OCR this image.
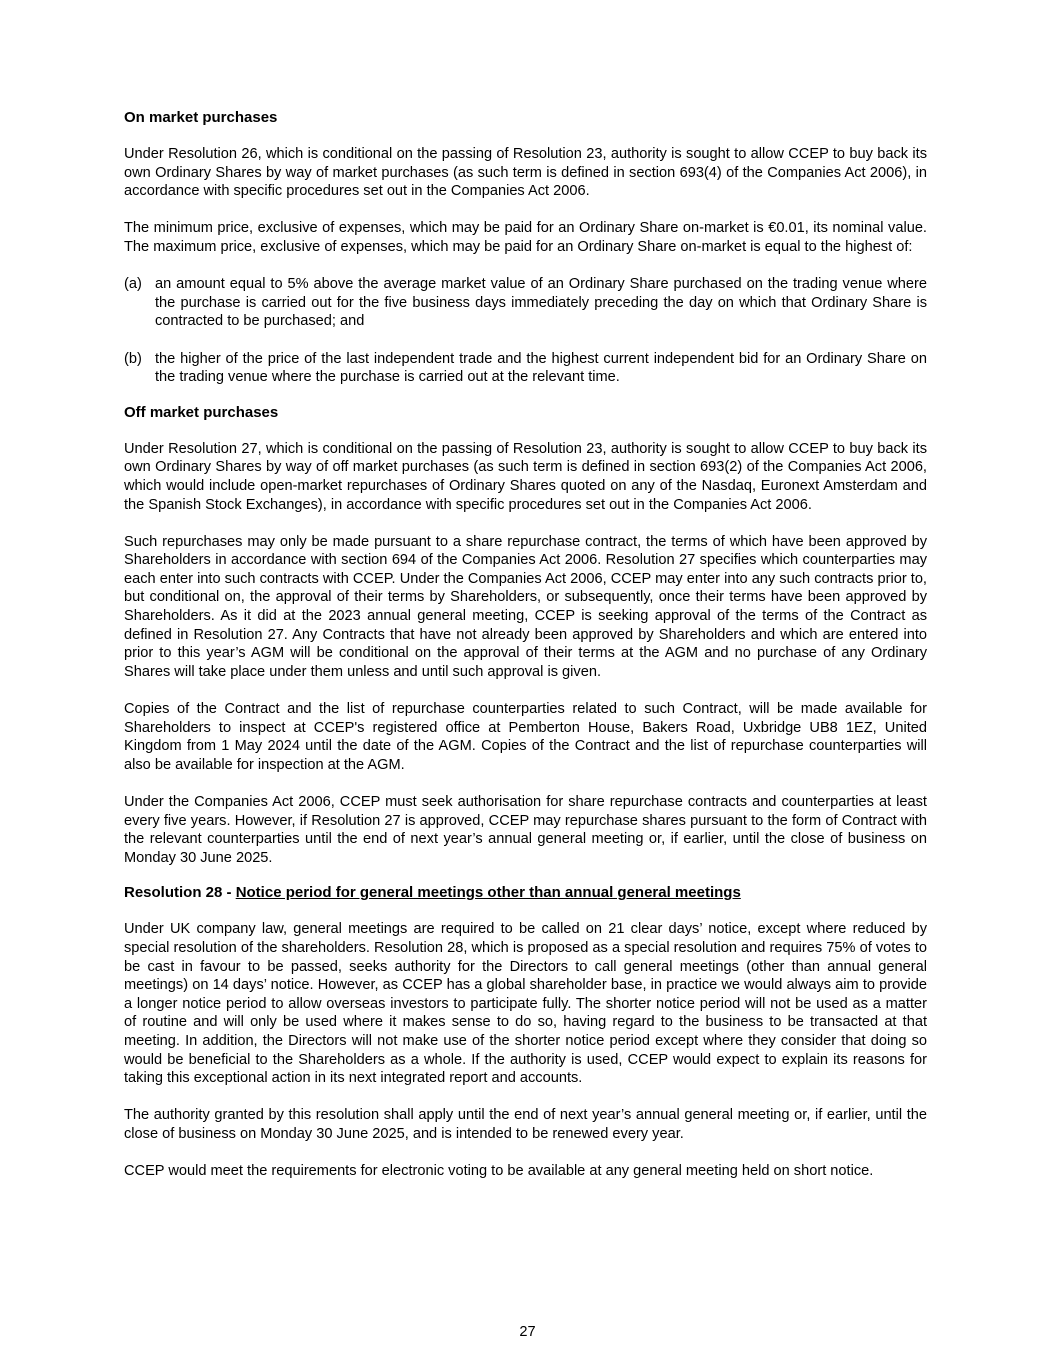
On market purchases

Under Resolution 26, which is conditional on the passing of Resolution 23, authority is sought to allow CCEP to buy back its own Ordinary Shares by way of market purchases (as such term is defined in section 693(4) of the Companies Act 2006), in accordance with specific procedures set out in the Companies Act 2006.

The minimum price, exclusive of expenses, which may be paid for an Ordinary Share on-market is €0.01, its nominal value. The maximum price, exclusive of expenses, which may be paid for an Ordinary Share on-market is equal to the highest of:

(a) an amount equal to 5% above the average market value of an Ordinary Share purchased on the trading venue where the purchase is carried out for the five business days immediately preceding the day on which that Ordinary Share is contracted to be purchased; and
(b) the higher of the price of the last independent trade and the highest current independent bid for an Ordinary Share on the trading venue where the purchase is carried out at the relevant time.
Off market purchases

Under Resolution 27, which is conditional on the passing of Resolution 23, authority is sought to allow CCEP to buy back its own Ordinary Shares by way of off market purchases (as such term is defined in section 693(2) of the Companies Act 2006, which would include open-market repurchases of Ordinary Shares quoted on any of the Nasdaq, Euronext Amsterdam and the Spanish Stock Exchanges), in accordance with specific procedures set out in the Companies Act 2006.

Such repurchases may only be made pursuant to a share repurchase contract, the terms of which have been approved by Shareholders in accordance with section 694 of the Companies Act 2006. Resolution 27 specifies which counterparties may each enter into such contracts with CCEP. Under the Companies Act 2006, CCEP may enter into any such contracts prior to, but conditional on, the approval of their terms by Shareholders, or subsequently, once their terms have been approved by Shareholders. As it did at the 2023 annual general meeting, CCEP is seeking approval of the terms of the Contract as defined in Resolution 27. Any Contracts that have not already been approved by Shareholders and which are entered into prior to this year’s AGM will be conditional on the approval of their terms at the AGM and no purchase of any Ordinary Shares will take place under them unless and until such approval is given.

Copies of the Contract and the list of repurchase counterparties related to such Contract, will be made available for Shareholders to inspect at CCEP's registered office at Pemberton House, Bakers Road, Uxbridge UB8 1EZ, United Kingdom from 1 May 2024 until the date of the AGM. Copies of the Contract and the list of repurchase counterparties will also be available for inspection at the AGM.

Under the Companies Act 2006, CCEP must seek authorisation for share repurchase contracts and counterparties at least every five years. However, if Resolution 27 is approved, CCEP may repurchase shares pursuant to the form of Contract with the relevant counterparties until the end of next year’s annual general meeting or, if earlier, until the close of business on Monday 30 June 2025.

Resolution 28 - Notice period for general meetings other than annual general meetings

Under UK company law, general meetings are required to be called on 21 clear days’ notice, except where reduced by special resolution of the shareholders. Resolution 28, which is proposed as a special resolution and requires 75% of votes to be cast in favour to be passed, seeks authority for the Directors to call general meetings (other than annual general meetings) on 14 days’ notice. However, as CCEP has a global shareholder base, in practice we would always aim to provide a longer notice period to allow overseas investors to participate fully. The shorter notice period will not be used as a matter of routine and will only be used where it makes sense to do so, having regard to the business to be transacted at that meeting. In addition, the Directors will not make use of the shorter notice period except where they consider that doing so would be beneficial to the Shareholders as a whole. If the authority is used, CCEP would expect to explain its reasons for taking this exceptional action in its next integrated report and accounts.

The authority granted by this resolution shall apply until the end of next year’s annual general meeting or, if earlier, until the close of business on Monday 30 June 2025, and is intended to be renewed every year.

CCEP would meet the requirements for electronic voting to be available at any general meeting held on short notice.

27
